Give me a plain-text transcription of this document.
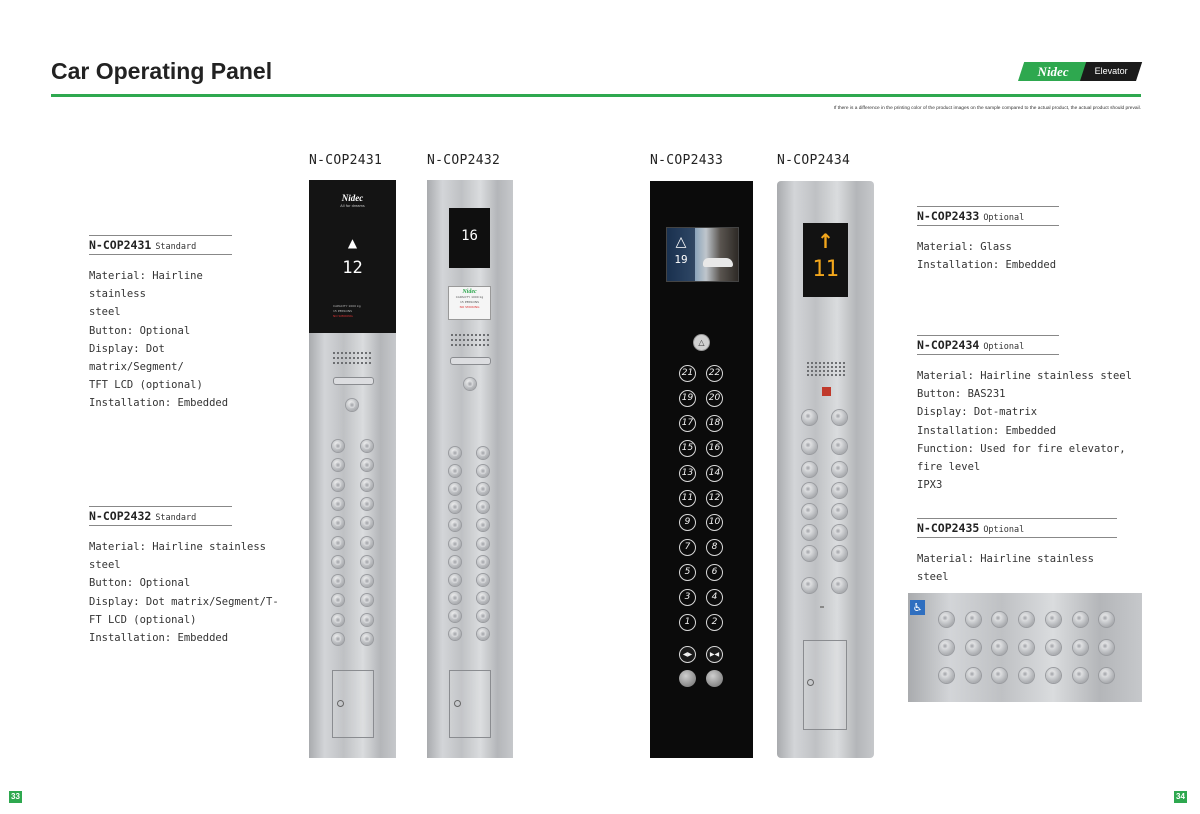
Car Operating Panel	Nidec	Elevator
If there is a difference in the printing color of the product images on the sample compared to the actual product, the actual product should prevail.
N-COP2431	N-COP2432	N-COP2433	N-COP2434
N-COP2431 Standard
Material: Hairline stainless
steel
Button: Optional
Display: Dot matrix/Segment/
TFT LCD (optional)
Installation: Embedded
N-COP2432 Standard
Material: Hairline stainless steel
Button: Optional
Display: Dot matrix/Segment/T-
FT LCD (optional)
Installation: Embedded
N-COP2433 Optional
Material: Glass
Installation: Embedded
N-COP2434 Optional
Material: Hairline stainless steel
Button: BAS231
Display: Dot-matrix
Installation: Embedded
Function: Used for fire elevator, fire level
IPX3
N-COP2435 Optional
Material: Hairline stainless steel
Nidec
All for dreams
▲
12
CAPACITY 1000 kg
15 PERSONS
NO SMOKING
16
Nidec
CAPACITY 1000 kg
15 PERSONS
NO SMOKING
△
19
△
◀▶	▶◀
21	22
19	20
17	18
15	16
13	14
11	12
9	10
7	8
5	6
3	4
1	2
↑
11
♿
33	34
